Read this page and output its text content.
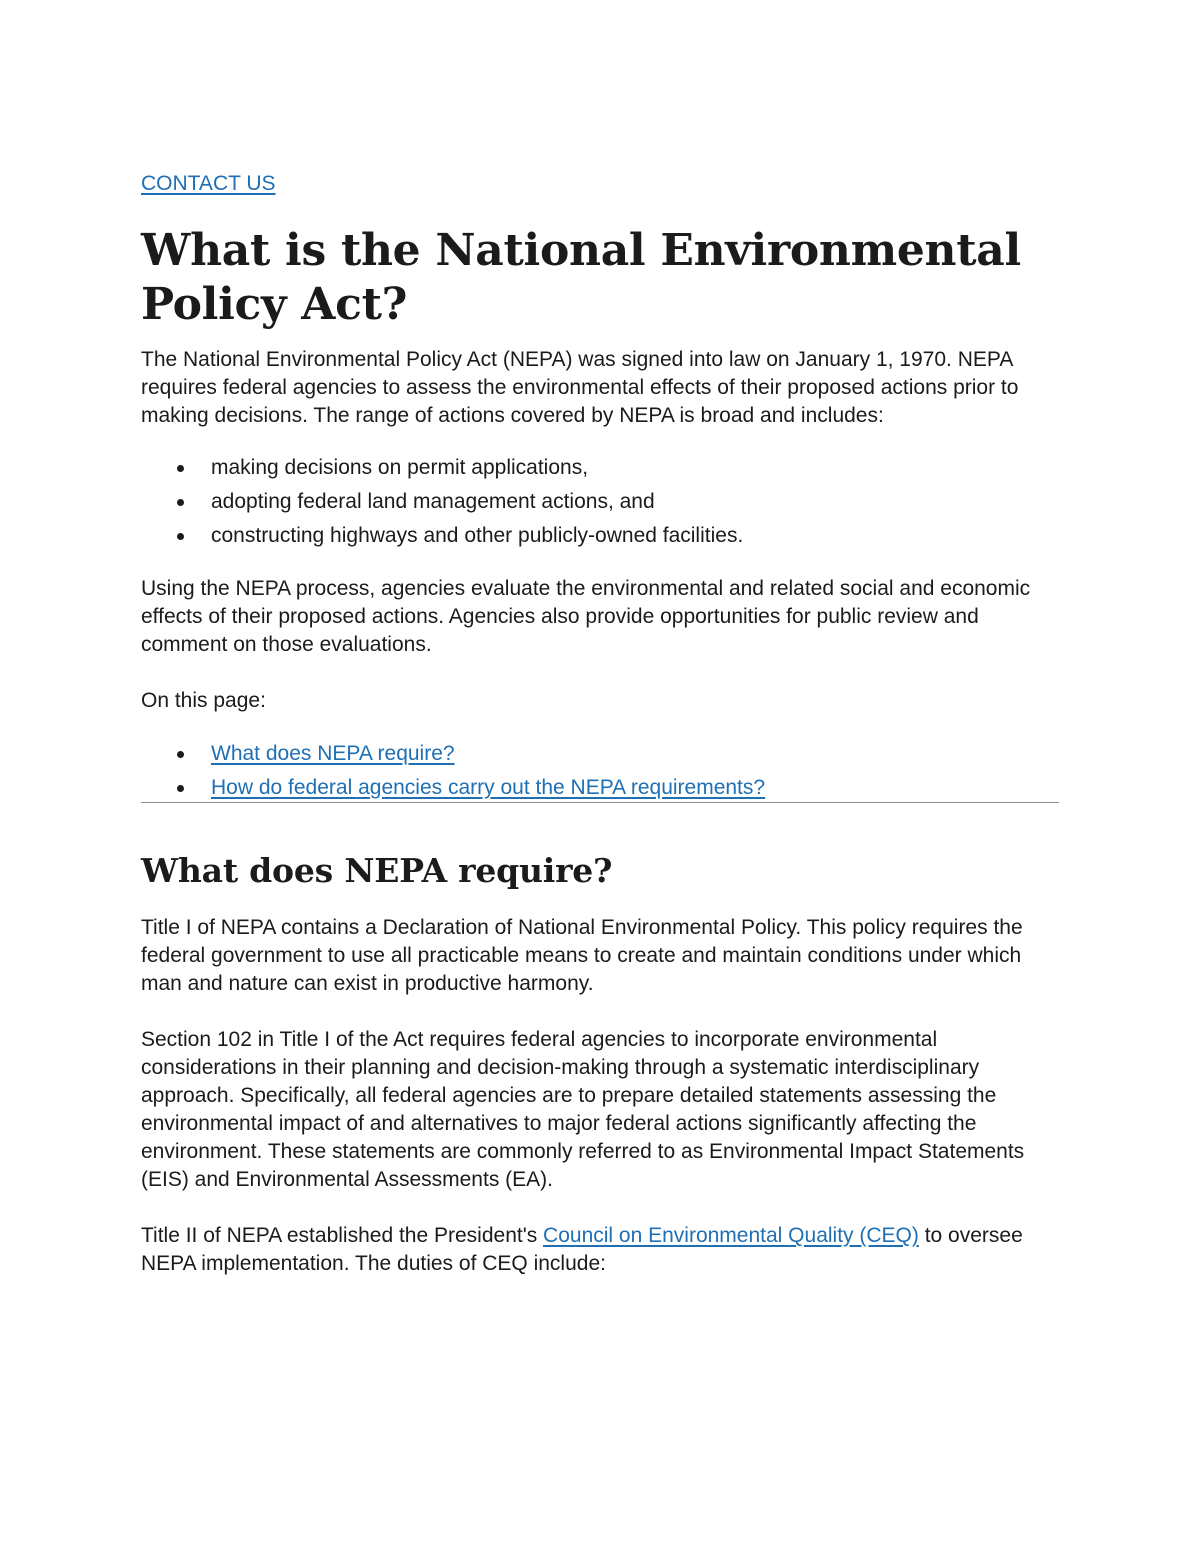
CONTACT US
What is the National Environmental Policy Act?

The National Environmental Policy Act (NEPA) was signed into law on January 1, 1970. NEPA requires federal agencies to assess the environmental effects of their proposed actions prior to making decisions. The range of actions covered by NEPA is broad and includes:

making decisions on permit applications,
adopting federal land management actions, and
constructing highways and other publicly-owned facilities.

Using the NEPA process, agencies evaluate the environmental and related social and economic effects of their proposed actions. Agencies also provide opportunities for public review and comment on those evaluations.

On this page:

What does NEPA require?
How do federal agencies carry out the NEPA requirements?
What does NEPA require?

Title I of NEPA contains a Declaration of National Environmental Policy. This policy requires the federal government to use all practicable means to create and maintain conditions under which man and nature can exist in productive harmony.

Section 102 in Title I of the Act requires federal agencies to incorporate environmental considerations in their planning and decision-making through a systematic interdisciplinary approach. Specifically, all federal agencies are to prepare detailed statements assessing the environmental impact of and alternatives to major federal actions significantly affecting the environment. These statements are commonly referred to as Environmental Impact Statements (EIS) and Environmental Assessments (EA).

Title II of NEPA established the President's Council on Environmental Quality (CEQ) to oversee NEPA implementation. The duties of CEQ include:
